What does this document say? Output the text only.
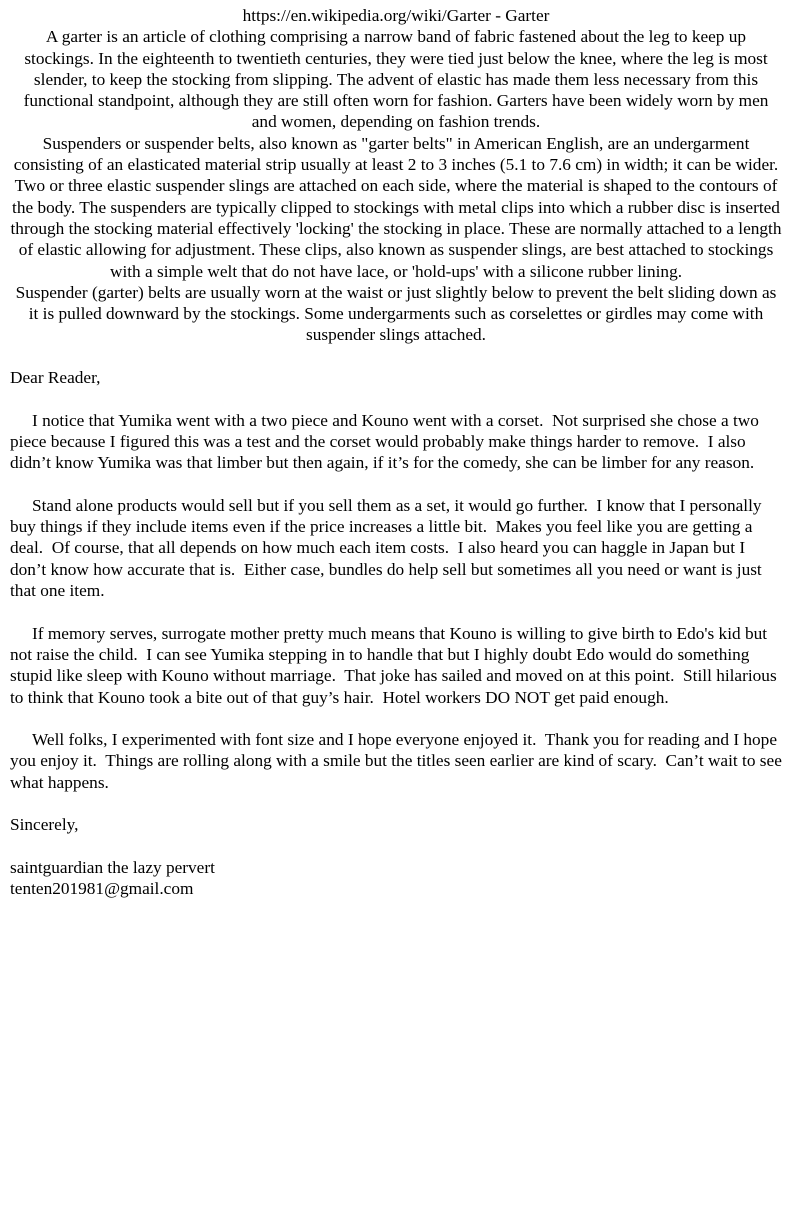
https://en.wikipedia.org/wiki/Garter - Garter

A garter is an article of clothing comprising a narrow band of fabric fastened about the leg to keep up stockings. In the eighteenth to twentieth centuries, they were tied just below the knee, where the leg is most slender, to keep the stocking from slipping. The advent of elastic has made them less necessary from this functional standpoint, although they are still often worn for fashion. Garters have been widely worn by men and women, depending on fashion trends.

Suspenders or suspender belts, also known as "garter belts" in American English, are an undergarment consisting of an elasticated material strip usually at least 2 to 3 inches (5.1 to 7.6 cm) in width; it can be wider. Two or three elastic suspender slings are attached on each side, where the material is shaped to the contours of the body. The suspenders are typically clipped to stockings with metal clips into which a rubber disc is inserted through the stocking material effectively 'locking' the stocking in place. These are normally attached to a length of elastic allowing for adjustment. These clips, also known as suspender slings, are best attached to stockings with a simple welt that do not have lace, or 'hold-ups' with a silicone rubber lining.

Suspender (garter) belts are usually worn at the waist or just slightly below to prevent the belt sliding down as it is pulled downward by the stockings. Some undergarments such as corselettes or girdles may come with suspender slings attached.

Dear Reader,

I notice that Yumika went with a two piece and Kouno went with a corset.  Not surprised she chose a two piece because I figured this was a test and the corset would probably make things harder to remove.  I also didn’t know Yumika was that limber but then again, if it’s for the comedy, she can be limber for any reason.

Stand alone products would sell but if you sell them as a set, it would go further.  I know that I personally buy things if they include items even if the price increases a little bit.  Makes you feel like you are getting a deal.  Of course, that all depends on how much each item costs.  I also heard you can haggle in Japan but I don’t know how accurate that is.  Either case, bundles do help sell but sometimes all you need or want is just that one item.

If memory serves, surrogate mother pretty much means that Kouno is willing to give birth to Edo's kid but not raise the child.  I can see Yumika stepping in to handle that but I highly doubt Edo would do something stupid like sleep with Kouno without marriage.  That joke has sailed and moved on at this point.  Still hilarious to think that Kouno took a bite out of that guy’s hair.  Hotel workers DO NOT get paid enough.

Well folks, I experimented with font size and I hope everyone enjoyed it.  Thank you for reading and I hope you enjoy it.  Things are rolling along with a smile but the titles seen earlier are kind of scary.  Can’t wait to see what happens.

Sincerely,

saintguardian the lazy pervert

tenten201981@gmail.com
